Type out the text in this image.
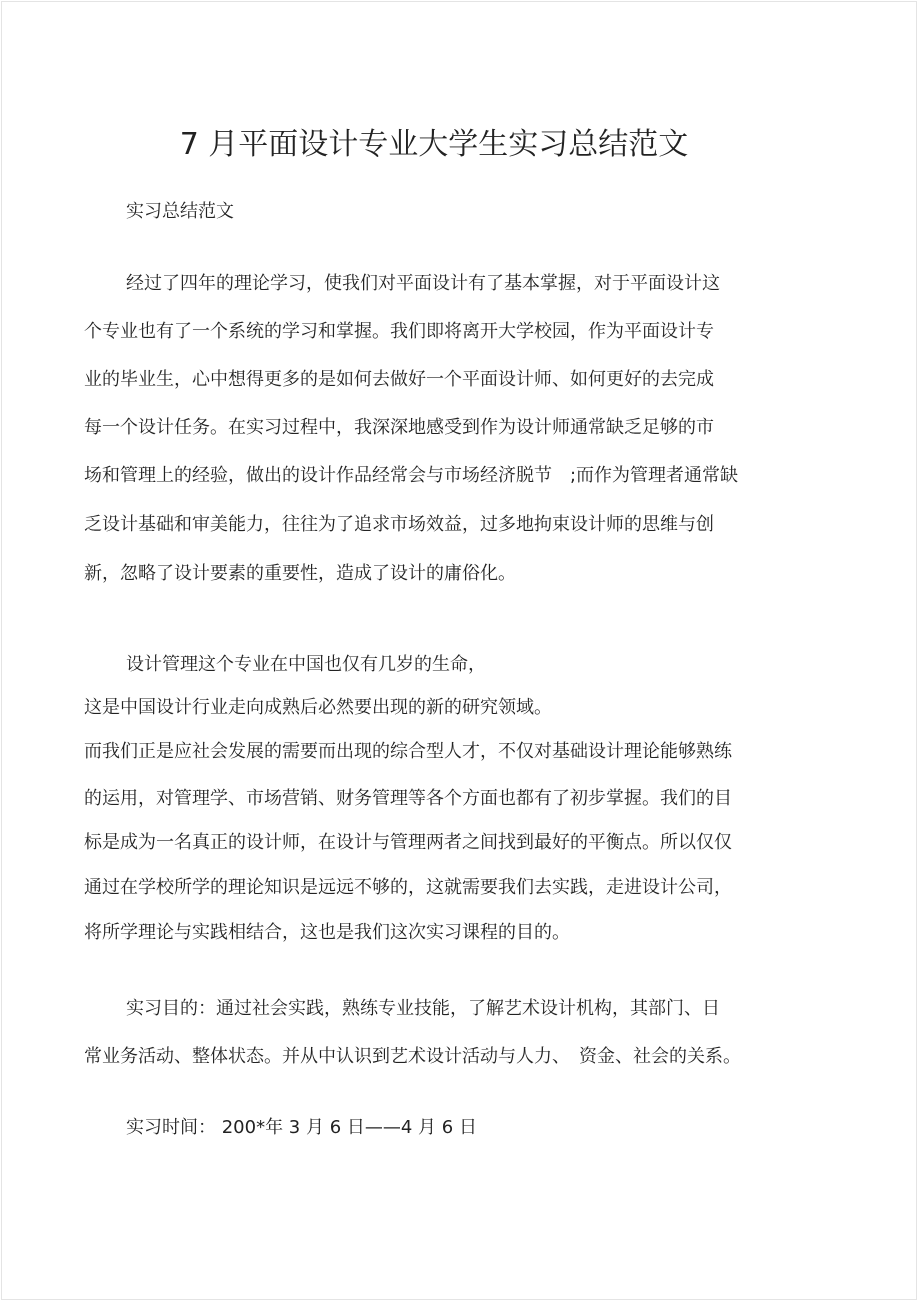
7 月平面设计专业大学生实习总结范文
实习总结范文
经过了四年的理论学习，使我们对平面设计有了基本掌握，对于平面设计这
个专业也有了一个系统的学习和掌握。我们即将离开大学校园，作为平面设计专
业的毕业生，心中想得更多的是如何去做好一个平面设计师、如何更好的去完成
每一个设计任务。在实习过程中，我深深地感受到作为设计师通常缺乏足够的市
场和管理上的经验，做出的设计作品经常会与市场经济脱节　;而作为管理者通常缺
乏设计基础和审美能力，往往为了追求市场效益，过多地拘束设计师的思维与创
新，忽略了设计要素的重要性，造成了设计的庸俗化。
设计管理这个专业在中国也仅有几岁的生命，
这是中国设计行业走向成熟后必然要出现的新的研究领域。
而我们正是应社会发展的需要而出现的综合型人才，不仅对基础设计理论能够熟练
的运用，对管理学、市场营销、财务管理等各个方面也都有了初步掌握。我们的目
标是成为一名真正的设计师，在设计与管理两者之间找到最好的平衡点。所以仅仅
通过在学校所学的理论知识是远远不够的，这就需要我们去实践，走进设计公司，
将所学理论与实践相结合，这也是我们这次实习课程的目的。
实习目的：通过社会实践，熟练专业技能，了解艺术设计机构，其部门、日
常业务活动、整体状态。并从中认识到艺术设计活动与人力、　资金、社会的关系。
实习时间： 200*年 3 月 6 日——4 月 6 日
